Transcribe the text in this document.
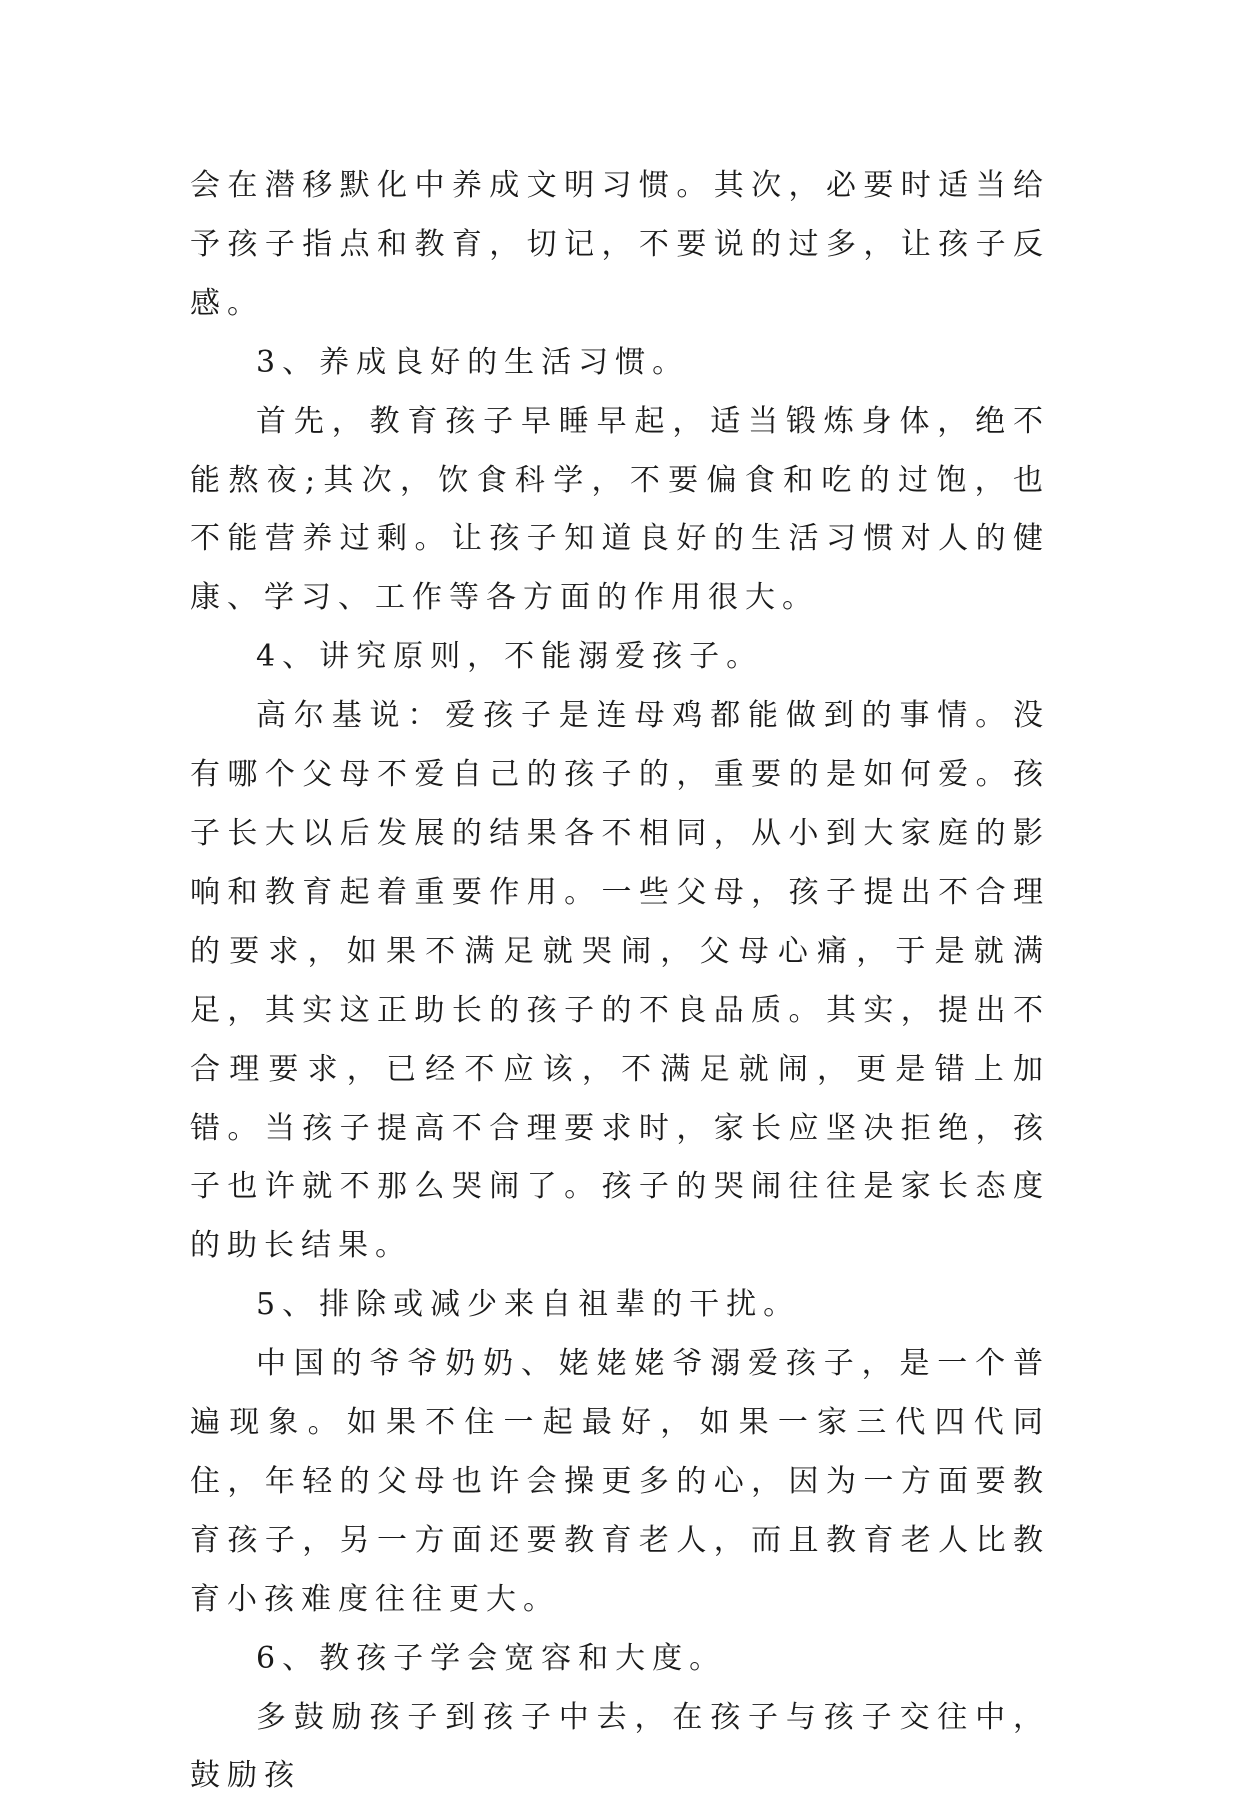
会在潜移默化中养成文明习惯。其次，必要时适当给予孩子指点和教育，切记，不要说的过多，让孩子反感。

3、养成良好的生活习惯。

首先，教育孩子早睡早起，适当锻炼身体，绝不能熬夜;其次，饮食科学，不要偏食和吃的过饱，也不能营养过剩。让孩子知道良好的生活习惯对人的健康、学习、工作等各方面的作用很大。

4、讲究原则，不能溺爱孩子。

高尔基说：爱孩子是连母鸡都能做到的事情。没有哪个父母不爱自己的孩子的，重要的是如何爱。孩子长大以后发展的结果各不相同，从小到大家庭的影响和教育起着重要作用。一些父母，孩子提出不合理的要求，如果不满足就哭闹，父母心痛，于是就满足，其实这正助长的孩子的不良品质。其实，提出不合理要求，已经不应该，不满足就闹，更是错上加错。当孩子提高不合理要求时，家长应坚决拒绝，孩子也许就不那么哭闹了。孩子的哭闹往往是家长态度的助长结果。

5、排除或减少来自祖辈的干扰。

中国的爷爷奶奶、姥姥姥爷溺爱孩子，是一个普遍现象。如果不住一起最好，如果一家三代四代同住，年轻的父母也许会操更多的心，因为一方面要教育孩子，另一方面还要教育老人，而且教育老人比教育小孩难度往往更大。

6、教孩子学会宽容和大度。

多鼓励孩子到孩子中去，在孩子与孩子交往中，鼓励孩
